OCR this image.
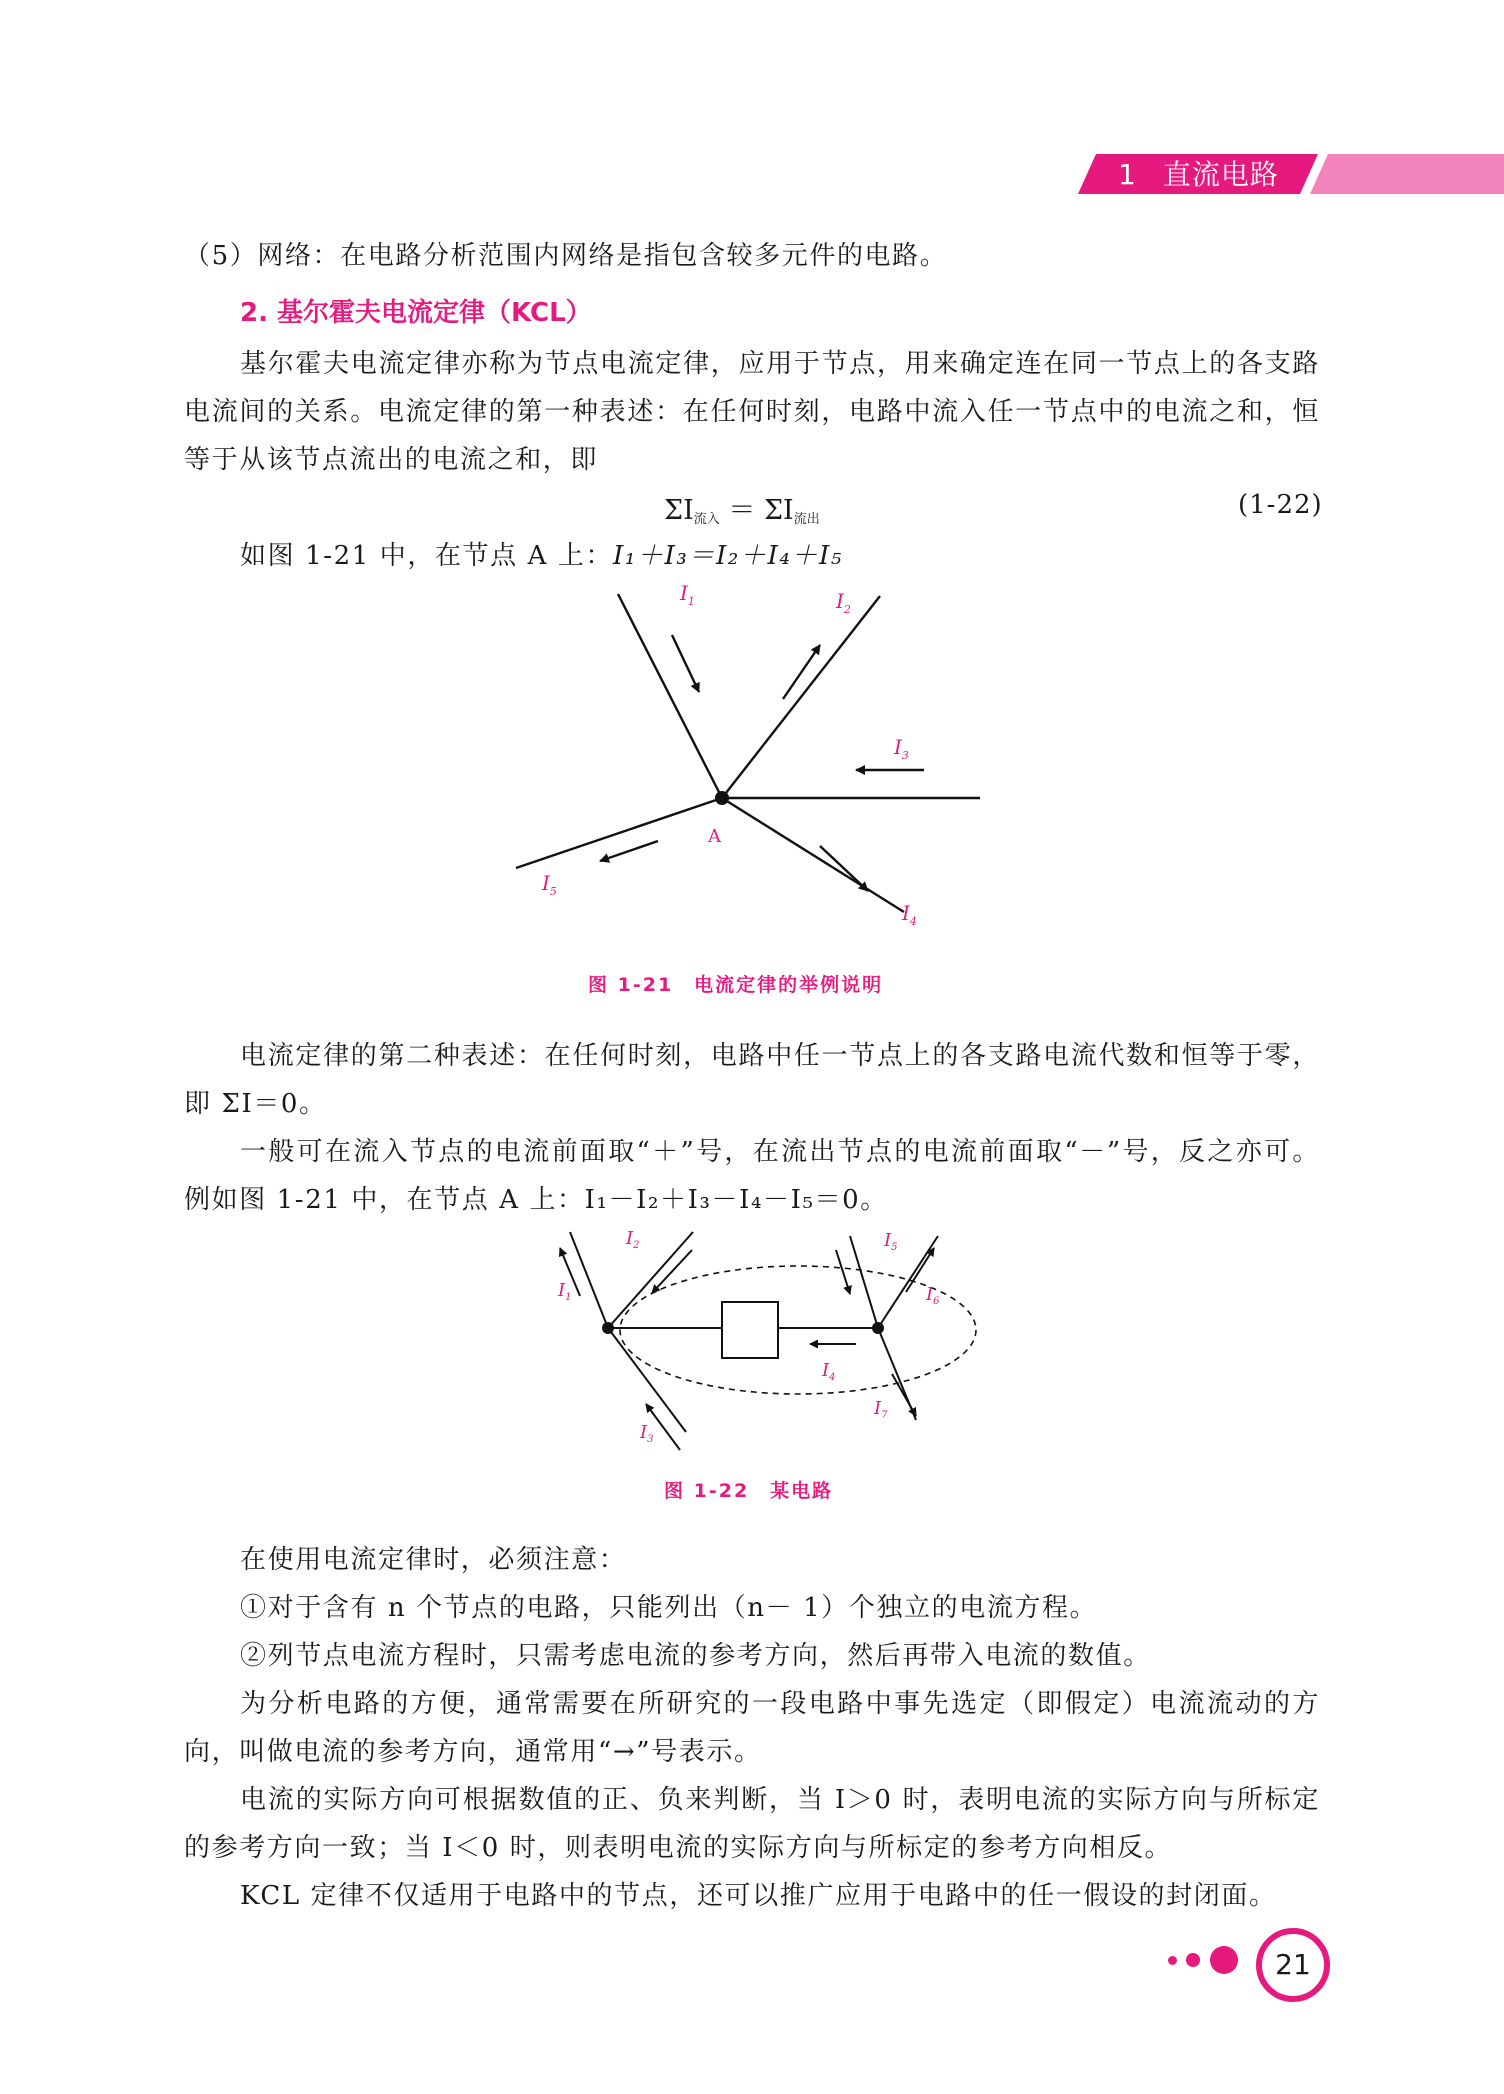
1 直流电路
（5）网络：在电路分析范围内网络是指包含较多元件的电路。
2. 基尔霍夫电流定律（KCL）
基尔霍夫电流定律亦称为节点电流定律，应用于节点，用来确定连在同一节点上的各支路电流间的关系。电流定律的第一种表述：在任何时刻，电路中流入任一节点中的电流之和，恒等于从该节点流出的电流之和，即
$\Sigma I_{流入} = \Sigma I_{流出}$	(1-22)
如图 1-21 中，在节点 A 上：I₁＋I₃＝I₂＋I₄＋I₅
$I_1$	$I_2$
$I_3$
$I_4$
$I_5$
A
图 1-21　电流定律的举例说明
电流定律的第二种表述：在任何时刻，电路中任一节点上的各支路电流代数和恒等于零，即 ΣI＝0。
一般可在流入节点的电流前面取“＋”号，在流出节点的电流前面取“－”号，反之亦可。例如图 1-21 中，在节点 A 上：I₁－I₂＋I₃－I₄－I₅＝0。
$I_1$
$I_2$
$I_3$
$I_4$
$I_5$
$I_6$
$I_7$
图 1-22　某电路
在使用电流定律时，必须注意：
①对于含有 n 个节点的电路，只能列出（n－ 1）个独立的电流方程。
②列节点电流方程时，只需考虑电流的参考方向，然后再带入电流的数值。
为分析电路的方便，通常需要在所研究的一段电路中事先选定（即假定）电流流动的方向，叫做电流的参考方向，通常用“→”号表示。
电流的实际方向可根据数值的正、负来判断，当 I＞0 时，表明电流的实际方向与所标定的参考方向一致；当 I＜0 时，则表明电流的实际方向与所标定的参考方向相反。
KCL 定律不仅适用于电路中的节点，还可以推广应用于电路中的任一假设的封闭面。
21
